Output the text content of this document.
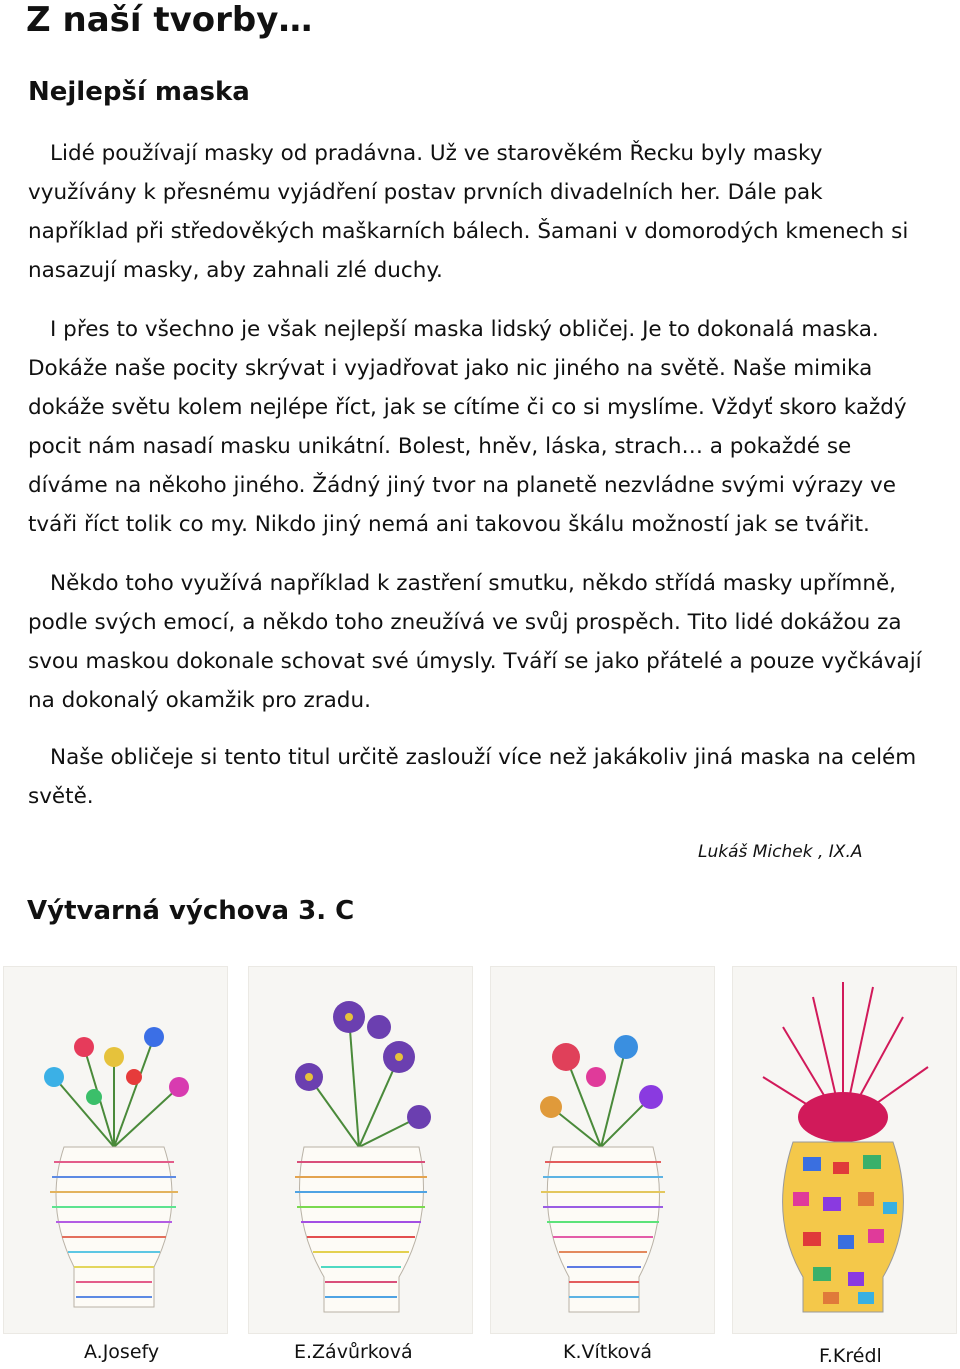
Z naší tvorby…
Nejlepší maska

Lidé používají masky od pradávna. Už ve starověkém Řecku byly masky využívány k přesnému vyjádření postav prvních divadelních her. Dále pak například při středověkých maškarních bálech. Šamani v domorodých kmenech si nasazují masky, aby zahnali zlé duchy.

I přes to všechno je však nejlepší maska lidský obličej. Je to dokonalá maska. Dokáže naše pocity skrývat i vyjadřovat jako nic jiného na světě. Naše mimika dokáže světu kolem nejlépe říct, jak se cítíme či co si myslíme. Vždyť skoro každý pocit nám nasadí masku unikátní. Bolest, hněv, láska, strach… a pokaždé se díváme na někoho jiného. Žádný jiný tvor na planetě nezvládne svými výrazy ve tváři říct tolik co my. Nikdo jiný nemá ani takovou škálu možností jak se tvářit.

Někdo toho využívá například k zastření smutku, někdo střídá masky upřímně, podle svých emocí, a někdo toho zneužívá ve svůj prospěch. Tito lidé dokážou za svou maskou dokonale schovat své úmysly. Tváří se jako přátelé a pouze vyčkávají na dokonalý okamžik pro zradu.

Naše obličeje si tento titul určitě zaslouží více než jakákoliv jiná maska na celém světě.

Lukáš Michek , IX.A
Výtvarná výchova 3. C
A.Josefy	E.Závůrková	K.Vítková	F.Krédl
